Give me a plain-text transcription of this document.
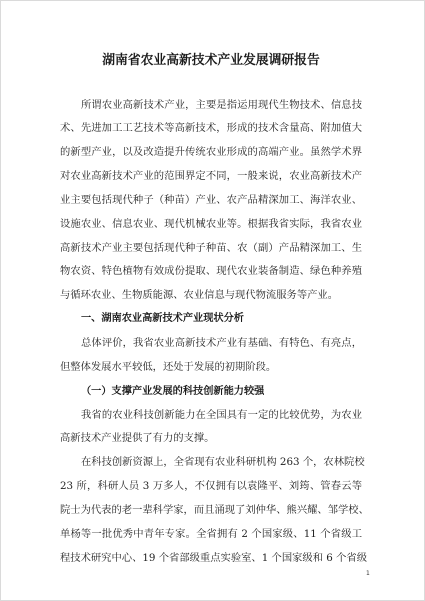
湖南省农业高新技术产业发展调研报告
所谓农业高新技术产业，主要是指运用现代生物技术、信息技
术、先进加工工艺技术等高新技术，形成的技术含量高、附加值大
的新型产业，以及改造提升传统农业形成的高端产业。虽然学术界
对农业高新技术产业的范围界定不同，一般来说，农业高新技术产
业主要包括现代种子（种苗）产业、农产品精深加工、海洋农业、
设施农业、信息农业、现代机械农业等。根据我省实际，我省农业
高新技术产业主要包括现代种子种苗、农（副）产品精深加工、生
物农资、特色植物有效成份提取、现代农业装备制造、绿色种养殖
与循环农业、生物质能源、农业信息与现代物流服务等产业。
一、湖南农业高新技术产业现状分析
总体评价，我省农业高新技术产业有基础、有特色、有亮点，
但整体发展水平较低，还处于发展的初期阶段。
（一）支撑产业发展的科技创新能力较强
我省的农业科技创新能力在全国具有一定的比较优势，为农业
高新技术产业提供了有力的支撑。
在科技创新资源上，全省现有农业科研机构 263 个，农林院校
23 所，科研人员 3 万多人，不仅拥有以袁隆平、刘筠、管春云等
院士为代表的老一辈科学家，而且涌现了刘仲华、熊兴耀、邹学校、
单杨等一批优秀中青年专家。全省拥有 2 个国家级、11 个省级工
程技术研究中心、19 个省部级重点实验室、1 个国家级和 6 个省级
1
